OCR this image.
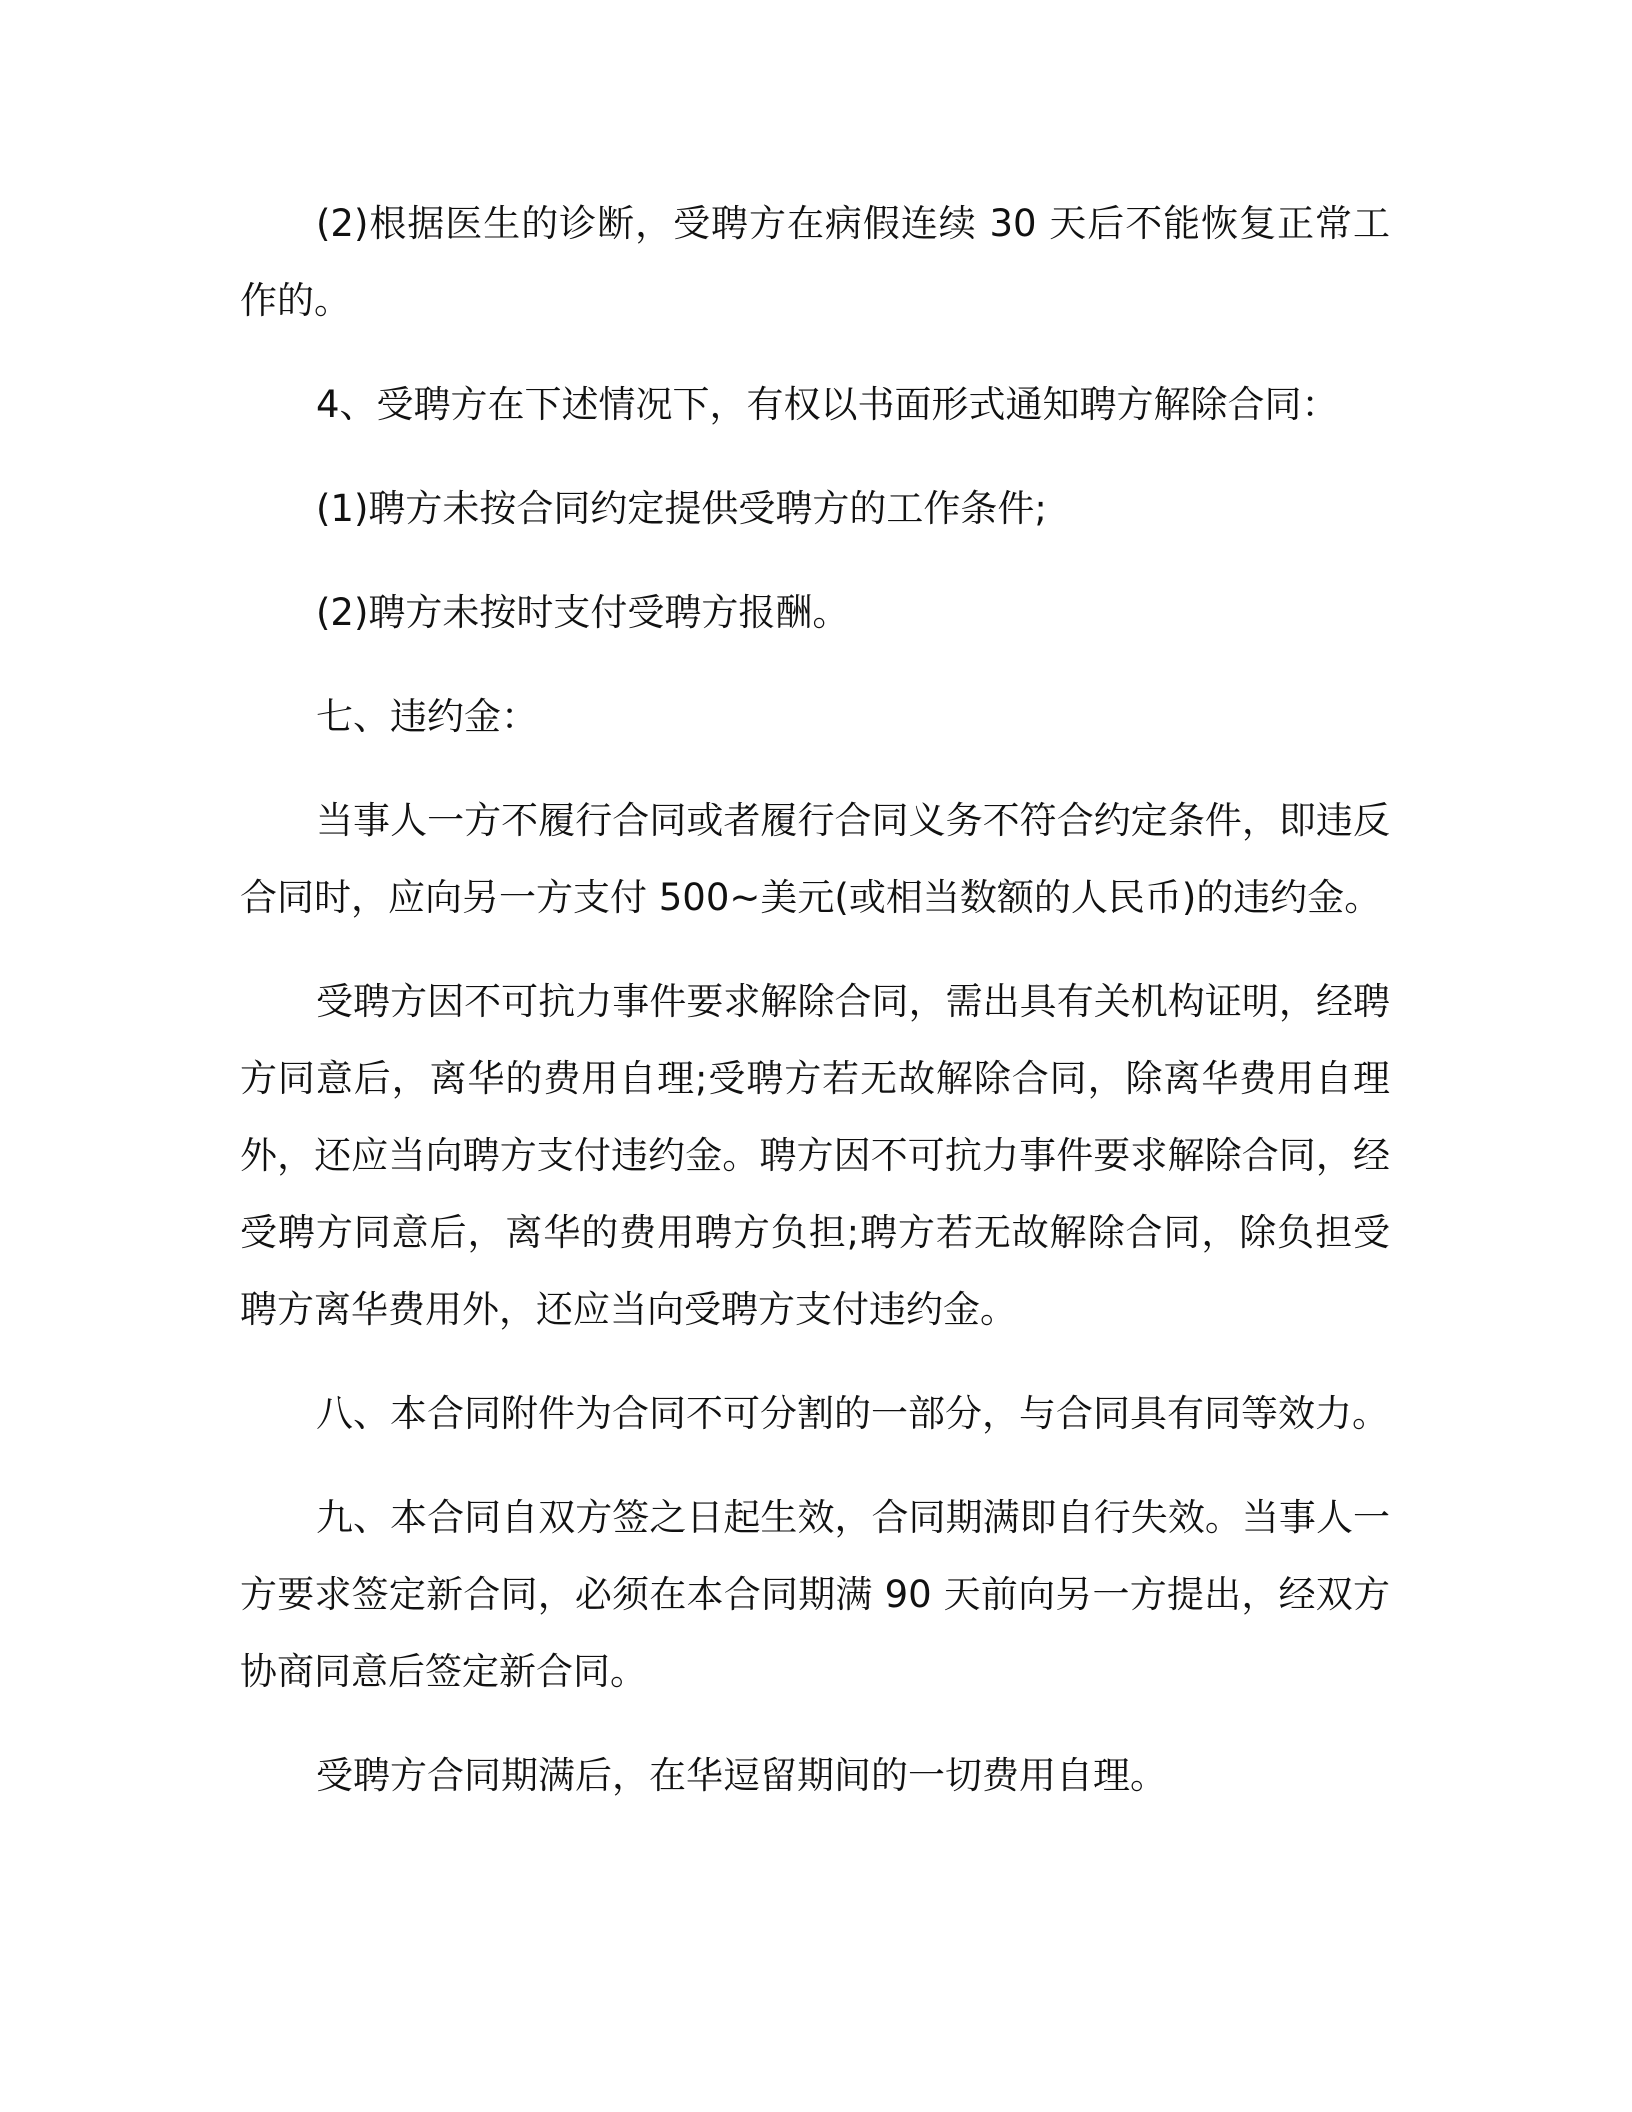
(2)根据医生的诊断，受聘方在病假连续 30 天后不能恢复正常工作的。

4、受聘方在下述情况下，有权以书面形式通知聘方解除合同：

(1)聘方未按合同约定提供受聘方的工作条件;

(2)聘方未按时支付受聘方报酬。

七、违约金：

当事人一方不履行合同或者履行合同义务不符合约定条件，即违反合同时，应向另一方支付 500~美元(或相当数额的人民币)的违约金。

受聘方因不可抗力事件要求解除合同，需出具有关机构证明，经聘方同意后，离华的费用自理;受聘方若无故解除合同，除离华费用自理外，还应当向聘方支付违约金。聘方因不可抗力事件要求解除合同，经受聘方同意后，离华的费用聘方负担;聘方若无故解除合同，除负担受聘方离华费用外，还应当向受聘方支付违约金。

八、本合同附件为合同不可分割的一部分，与合同具有同等效力。

九、本合同自双方签之日起生效，合同期满即自行失效。当事人一方要求签定新合同，必须在本合同期满 90 天前向另一方提出，经双方协商同意后签定新合同。

受聘方合同期满后，在华逗留期间的一切费用自理。
